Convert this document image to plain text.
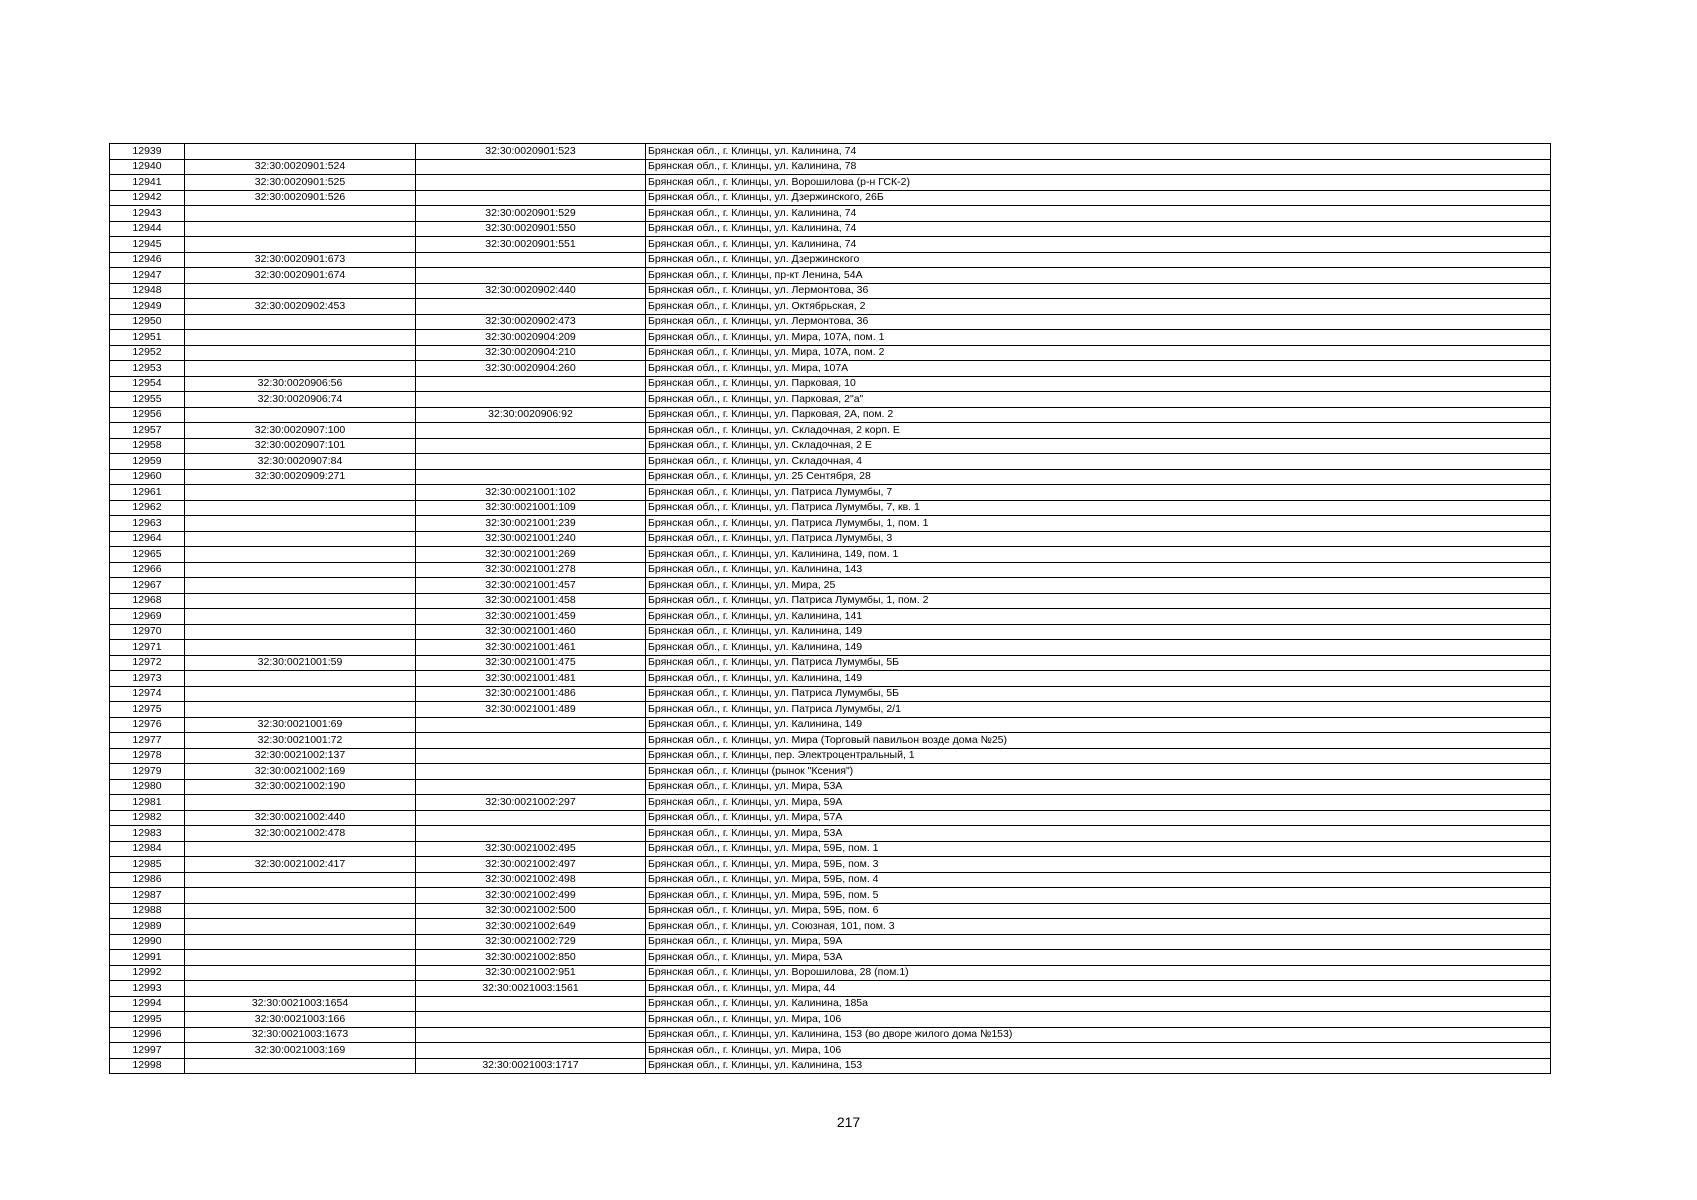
12939		32:30:0020901:523	Брянская обл., г. Клинцы, ул. Калинина, 74
12940	32:30:0020901:524		Брянская обл., г. Клинцы, ул. Калинина, 78
12941	32:30:0020901:525		Брянская обл., г. Клинцы, ул. Ворошилова (р-н ГСК-2)
12942	32:30:0020901:526		Брянская обл., г. Клинцы, ул. Дзержинского, 26Б
12943		32:30:0020901:529	Брянская обл., г. Клинцы, ул. Калинина, 74
12944		32:30:0020901:550	Брянская обл., г. Клинцы, ул. Калинина, 74
12945		32:30:0020901:551	Брянская обл., г. Клинцы, ул. Калинина, 74
12946	32:30:0020901:673		Брянская обл., г. Клинцы, ул. Дзержинского
12947	32:30:0020901:674		Брянская обл., г. Клинцы, пр-кт Ленина, 54А
12948		32:30:0020902:440	Брянская обл., г. Клинцы, ул. Лермонтова, 36
12949	32:30:0020902:453		Брянская обл., г. Клинцы, ул. Октябрьская, 2
12950		32:30:0020902:473	Брянская обл., г. Клинцы, ул. Лермонтова, 36
12951		32:30:0020904:209	Брянская обл., г. Клинцы, ул. Мира, 107А, пом. 1
12952		32:30:0020904:210	Брянская обл., г. Клинцы, ул. Мира, 107А, пом. 2
12953		32:30:0020904:260	Брянская обл., г. Клинцы, ул. Мира, 107А
12954	32:30:0020906:56		Брянская обл., г. Клинцы, ул. Парковая, 10
12955	32:30:0020906:74		Брянская обл., г. Клинцы, ул. Парковая, 2"а"
12956		32:30:0020906:92	Брянская обл., г. Клинцы, ул. Парковая, 2А, пом. 2
12957	32:30:0020907:100		Брянская обл., г. Клинцы, ул. Складочная, 2 корп. Е
12958	32:30:0020907:101		Брянская обл., г. Клинцы, ул. Складочная, 2 Е
12959	32:30:0020907:84		Брянская обл., г. Клинцы, ул. Складочная, 4
12960	32:30:0020909:271		Брянская обл., г. Клинцы, ул. 25 Сентября, 28
12961		32:30:0021001:102	Брянская обл., г. Клинцы, ул. Патриса Лумумбы, 7
12962		32:30:0021001:109	Брянская обл., г. Клинцы, ул. Патриса Лумумбы, 7, кв. 1
12963		32:30:0021001:239	Брянская обл., г. Клинцы, ул. Патриса Лумумбы, 1, пом. 1
12964		32:30:0021001:240	Брянская обл., г. Клинцы, ул. Патриса Лумумбы, 3
12965		32:30:0021001:269	Брянская обл., г. Клинцы, ул. Калинина, 149, пом. 1
12966		32:30:0021001:278	Брянская обл., г. Клинцы, ул. Калинина, 143
12967		32:30:0021001:457	Брянская обл., г. Клинцы, ул. Мира, 25
12968		32:30:0021001:458	Брянская обл., г. Клинцы, ул. Патриса Лумумбы, 1, пом. 2
12969		32:30:0021001:459	Брянская обл., г. Клинцы, ул. Калинина, 141
12970		32:30:0021001:460	Брянская обл., г. Клинцы, ул. Калинина, 149
12971		32:30:0021001:461	Брянская обл., г. Клинцы, ул. Калинина, 149
12972	32:30:0021001:59	32:30:0021001:475	Брянская обл., г. Клинцы, ул. Патриса Лумумбы, 5Б
12973		32:30:0021001:481	Брянская обл., г. Клинцы, ул. Калинина, 149
12974		32:30:0021001:486	Брянская обл., г. Клинцы, ул. Патриса Лумумбы, 5Б
12975		32:30:0021001:489	Брянская обл., г. Клинцы, ул. Патриса Лумумбы, 2/1
12976	32:30:0021001:69		Брянская обл., г. Клинцы, ул. Калинина, 149
12977	32:30:0021001:72		Брянская обл., г. Клинцы, ул. Мира (Торговый павильон возде дома №25)
12978	32:30:0021002:137		Брянская обл., г. Клинцы, пер. Электроцентральный, 1
12979	32:30:0021002:169		Брянская обл., г. Клинцы (рынок "Ксения")
12980	32:30:0021002:190		Брянская обл., г. Клинцы, ул. Мира, 53А
12981		32:30:0021002:297	Брянская обл., г. Клинцы, ул. Мира, 59А
12982	32:30:0021002:440		Брянская обл., г. Клинцы, ул. Мира, 57А
12983	32:30:0021002:478		Брянская обл., г. Клинцы, ул. Мира, 53А
12984		32:30:0021002:495	Брянская обл., г. Клинцы, ул. Мира, 59Б, пом. 1
12985	32:30:0021002:417	32:30:0021002:497	Брянская обл., г. Клинцы, ул. Мира, 59Б, пом. 3
12986		32:30:0021002:498	Брянская обл., г. Клинцы, ул. Мира, 59Б, пом. 4
12987		32:30:0021002:499	Брянская обл., г. Клинцы, ул. Мира, 59Б, пом. 5
12988		32:30:0021002:500	Брянская обл., г. Клинцы, ул. Мира, 59Б, пом. 6
12989		32:30:0021002:649	Брянская обл., г. Клинцы, ул. Союзная, 101, пом. 3
12990		32:30:0021002:729	Брянская обл., г. Клинцы, ул. Мира, 59А
12991		32:30:0021002:850	Брянская обл., г. Клинцы, ул. Мира, 53А
12992		32:30:0021002:951	Брянская обл., г. Клинцы, ул. Ворошилова, 28 (пом.1)
12993		32:30:0021003:1561	Брянская обл., г. Клинцы, ул. Мира, 44
12994	32:30:0021003:1654		Брянская обл., г. Клинцы, ул. Калинина, 185а
12995	32:30:0021003:166		Брянская обл., г. Клинцы, ул. Мира, 106
12996	32:30:0021003:1673		Брянская обл., г. Клинцы, ул. Калинина, 153 (во дворе жилого дома №153)
12997	32:30:0021003:169		Брянская обл., г. Клинцы, ул. Мира, 106
12998		32:30:0021003:1717	Брянская обл., г. Клинцы, ул. Калинина, 153
217
